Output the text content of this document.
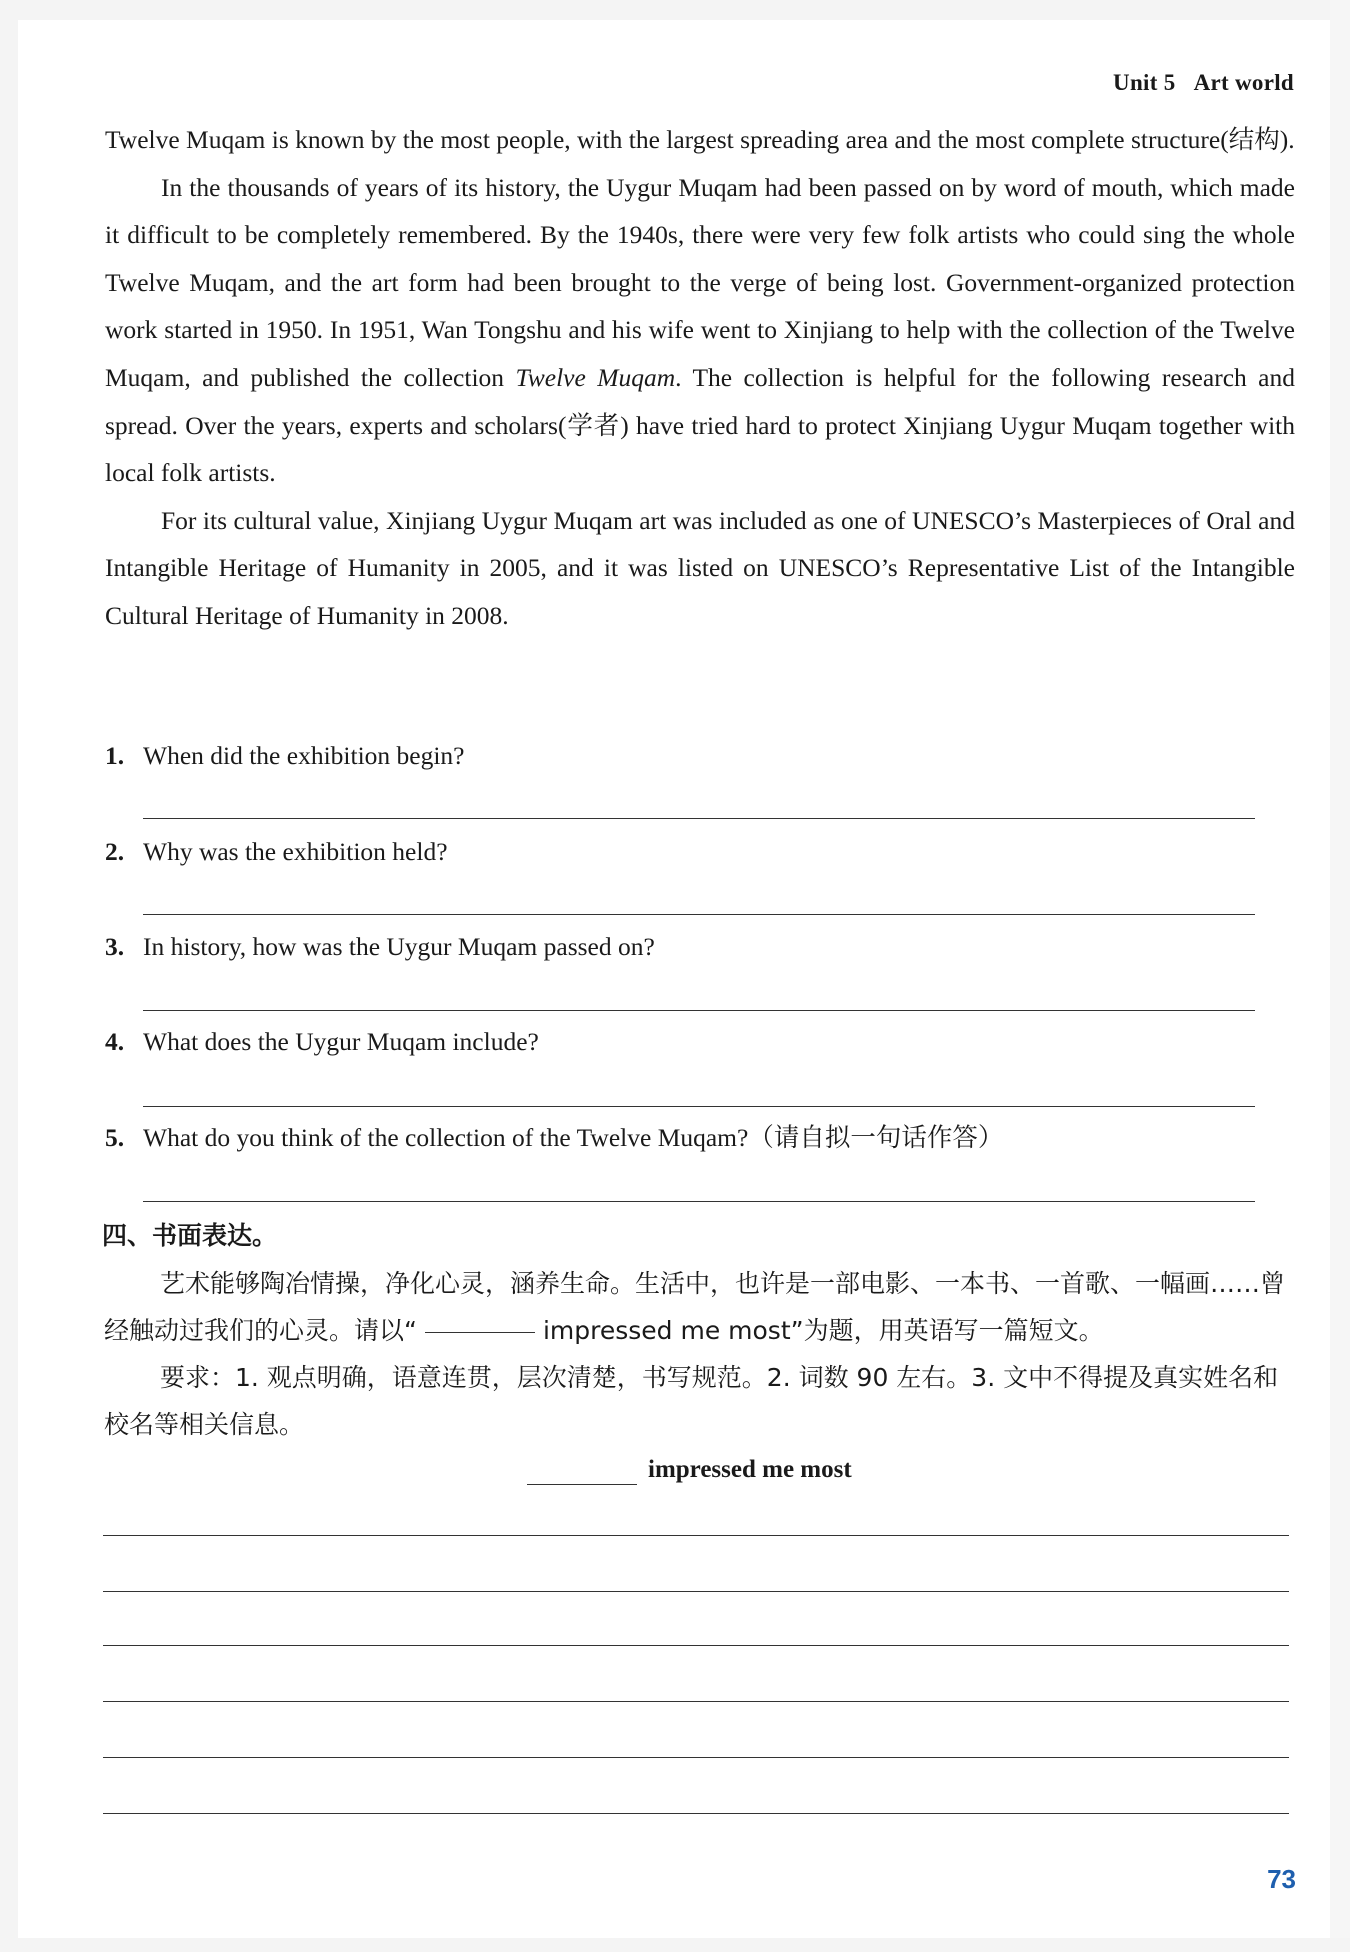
Unit 5 Art world

Twelve Muqam is known by the most people, with the largest spreading area and the most complete structure(结构).

In the thousands of years of its history, the Uygur Muqam had been passed on by word of mouth, which made it difficult to be completely remembered. By the 1940s, there were very few folk artists who could sing the whole Twelve Muqam, and the art form had been brought to the verge of being lost. Government-organized protection work started in 1950. In 1951, Wan Tongshu and his wife went to Xinjiang to help with the collection of the Twelve Muqam, and published the collection Twelve Muqam. The collection is helpful for the following research and spread. Over the years, experts and scholars(学者) have tried hard to protect Xinjiang Uygur Muqam together with local folk artists.

For its cultural value, Xinjiang Uygur Muqam art was included as one of UNESCO’s Masterpieces of Oral and Intangible Heritage of Humanity in 2005, and it was listed on UNESCO’s Representative List of the Intangible Cultural Heritage of Humanity in 2008.

1. When did the exhibition begin?
2. Why was the exhibition held?
3. In history, how was the Uygur Muqam passed on?
4. What does the Uygur Muqam include?
5. What do you think of the collection of the Twelve Muqam?（请自拟一句话作答）
四、书面表达。

艺术能够陶冶情操，净化心灵，涵养生命。生活中，也许是一部电影、一本书、一首歌、一幅画……曾经触动过我们的心灵。请以“	impressed me most”为题，用英语写一篇短文。

要求：1. 观点明确，语意连贯，层次清楚，书写规范。2. 词数 90 左右。3. 文中不得提及真实姓名和校名等相关信息。

impressed me most
73
